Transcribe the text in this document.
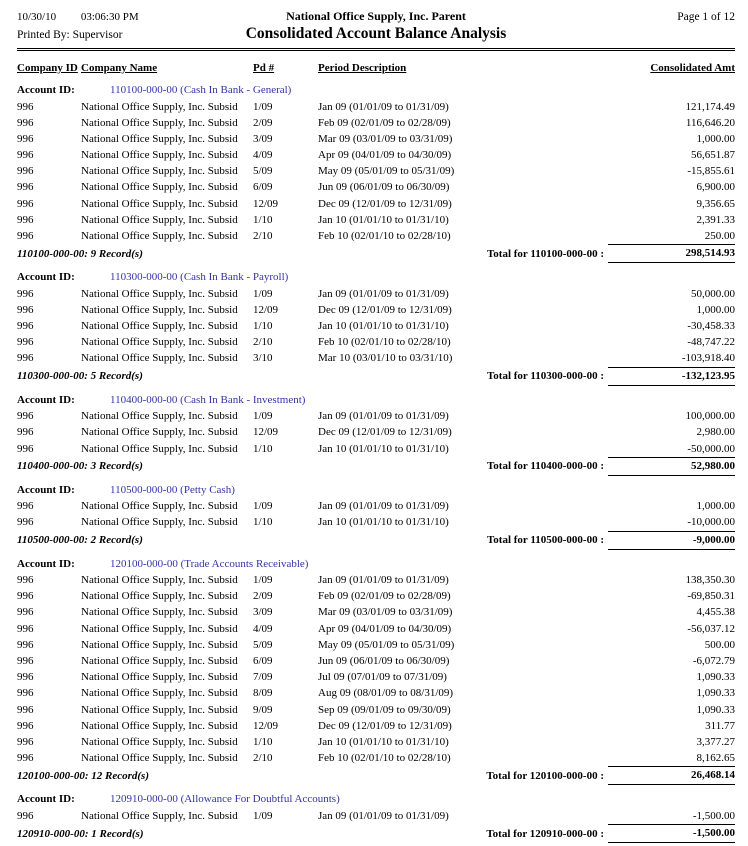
10/30/10 03:06:30 PM	National Office Supply, Inc. Parent	Page 1 of 12
Printed By: Supervisor	Consolidated Account Balance Analysis
Company ID Company Name	Pd #	Period Description	Consolidated Amt
Account ID:	110100-000-00 (Cash In Bank - General)
996	National Office Supply, Inc. Subsid	1/09	Jan 09 (01/01/09 to 01/31/09)	121,174.49
996	National Office Supply, Inc. Subsid	2/09	Feb 09 (02/01/09 to 02/28/09)	116,646.20
996	National Office Supply, Inc. Subsid	3/09	Mar 09 (03/01/09 to 03/31/09)	1,000.00
996	National Office Supply, Inc. Subsid	4/09	Apr 09 (04/01/09 to 04/30/09)	56,651.87
996	National Office Supply, Inc. Subsid	5/09	May 09 (05/01/09 to 05/31/09)	-15,855.61
996	National Office Supply, Inc. Subsid	6/09	Jun 09 (06/01/09 to 06/30/09)	6,900.00
996	National Office Supply, Inc. Subsid	12/09	Dec 09 (12/01/09 to 12/31/09)	9,356.65
996	National Office Supply, Inc. Subsid	1/10	Jan 10 (01/01/10 to 01/31/10)	2,391.33
996	National Office Supply, Inc. Subsid	2/10	Feb 10 (02/01/10 to 02/28/10)	250.00
110100-000-00: 9 Record(s)	Total for 110100-000-00 :	298,514.93
Account ID:	110300-000-00 (Cash In Bank - Payroll)
996	National Office Supply, Inc. Subsid	1/09	Jan 09 (01/01/09 to 01/31/09)	50,000.00
996	National Office Supply, Inc. Subsid	12/09	Dec 09 (12/01/09 to 12/31/09)	1,000.00
996	National Office Supply, Inc. Subsid	1/10	Jan 10 (01/01/10 to 01/31/10)	-30,458.33
996	National Office Supply, Inc. Subsid	2/10	Feb 10 (02/01/10 to 02/28/10)	-48,747.22
996	National Office Supply, Inc. Subsid	3/10	Mar 10 (03/01/10 to 03/31/10)	-103,918.40
110300-000-00: 5 Record(s)	Total for 110300-000-00 :	-132,123.95
Account ID:	110400-000-00 (Cash In Bank - Investment)
996	National Office Supply, Inc. Subsid	1/09	Jan 09 (01/01/09 to 01/31/09)	100,000.00
996	National Office Supply, Inc. Subsid	12/09	Dec 09 (12/01/09 to 12/31/09)	2,980.00
996	National Office Supply, Inc. Subsid	1/10	Jan 10 (01/01/10 to 01/31/10)	-50,000.00
110400-000-00: 3 Record(s)	Total for 110400-000-00 :	52,980.00
Account ID:	110500-000-00 (Petty Cash)
996	National Office Supply, Inc. Subsid	1/09	Jan 09 (01/01/09 to 01/31/09)	1,000.00
996	National Office Supply, Inc. Subsid	1/10	Jan 10 (01/01/10 to 01/31/10)	-10,000.00
110500-000-00: 2 Record(s)	Total for 110500-000-00 :	-9,000.00
Account ID:	120100-000-00 (Trade Accounts Receivable)
996	National Office Supply, Inc. Subsid	1/09	Jan 09 (01/01/09 to 01/31/09)	138,350.30
996	National Office Supply, Inc. Subsid	2/09	Feb 09 (02/01/09 to 02/28/09)	-69,850.31
996	National Office Supply, Inc. Subsid	3/09	Mar 09 (03/01/09 to 03/31/09)	4,455.38
996	National Office Supply, Inc. Subsid	4/09	Apr 09 (04/01/09 to 04/30/09)	-56,037.12
996	National Office Supply, Inc. Subsid	5/09	May 09 (05/01/09 to 05/31/09)	500.00
996	National Office Supply, Inc. Subsid	6/09	Jun 09 (06/01/09 to 06/30/09)	-6,072.79
996	National Office Supply, Inc. Subsid	7/09	Jul 09 (07/01/09 to 07/31/09)	1,090.33
996	National Office Supply, Inc. Subsid	8/09	Aug 09 (08/01/09 to 08/31/09)	1,090.33
996	National Office Supply, Inc. Subsid	9/09	Sep 09 (09/01/09 to 09/30/09)	1,090.33
996	National Office Supply, Inc. Subsid	12/09	Dec 09 (12/01/09 to 12/31/09)	311.77
996	National Office Supply, Inc. Subsid	1/10	Jan 10 (01/01/10 to 01/31/10)	3,377.27
996	National Office Supply, Inc. Subsid	2/10	Feb 10 (02/01/10 to 02/28/10)	8,162.65
120100-000-00: 12 Record(s)	Total for 120100-000-00 :	26,468.14
Account ID:	120910-000-00 (Allowance For Doubtful Accounts)
996	National Office Supply, Inc. Subsid	1/09	Jan 09 (01/01/09 to 01/31/09)	-1,500.00
120910-000-00: 1 Record(s)	Total for 120910-000-00 :	-1,500.00
